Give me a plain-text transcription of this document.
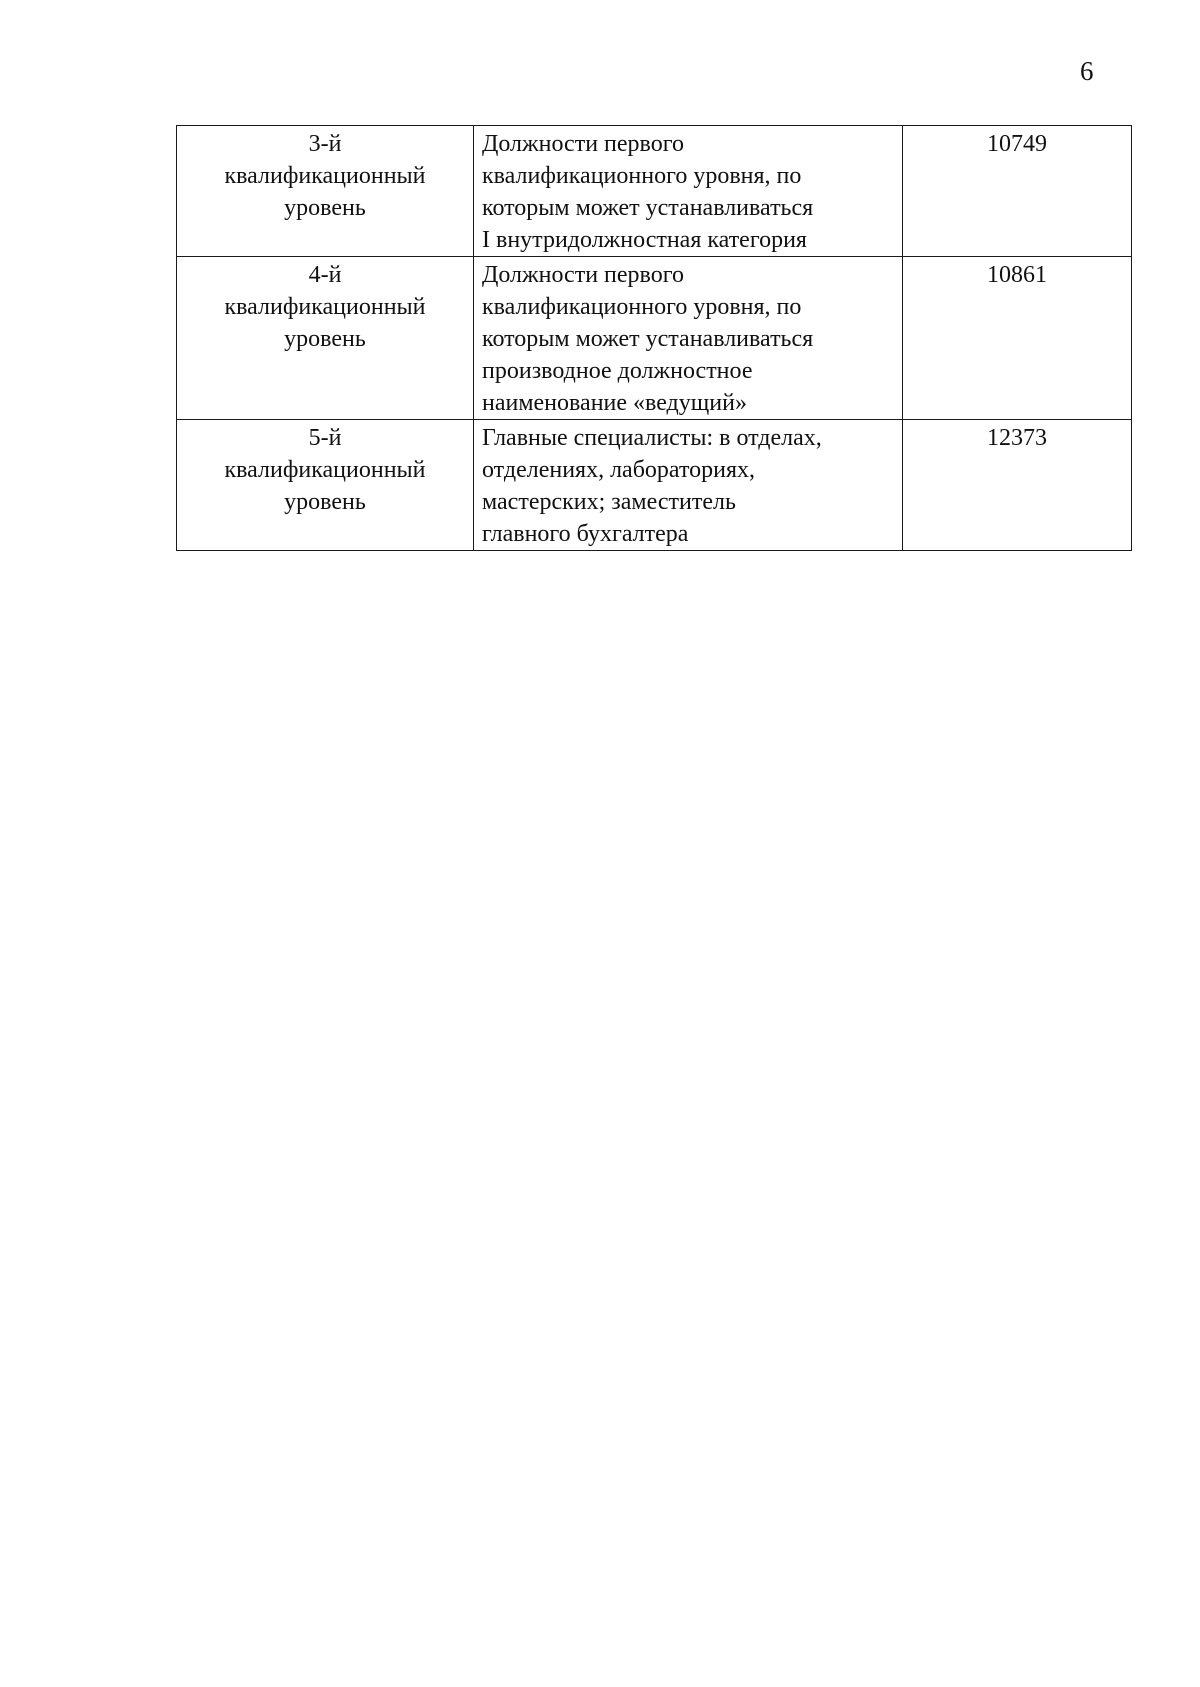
6
3-й
квалификационный
уровень	Должности первого
квалификационного уровня, по
которым может устанавливаться
I внутридолжностная категория	10749

4-й
квалификационный
уровень	Должности первого
квалификационного уровня, по
которым может устанавливаться
производное должностное
наименование «ведущий»	10861

5-й
квалификационный
уровень	Главные специалисты: в отделах,
отделениях, лабораториях,
мастерских; заместитель
главного бухгалтера	12373
